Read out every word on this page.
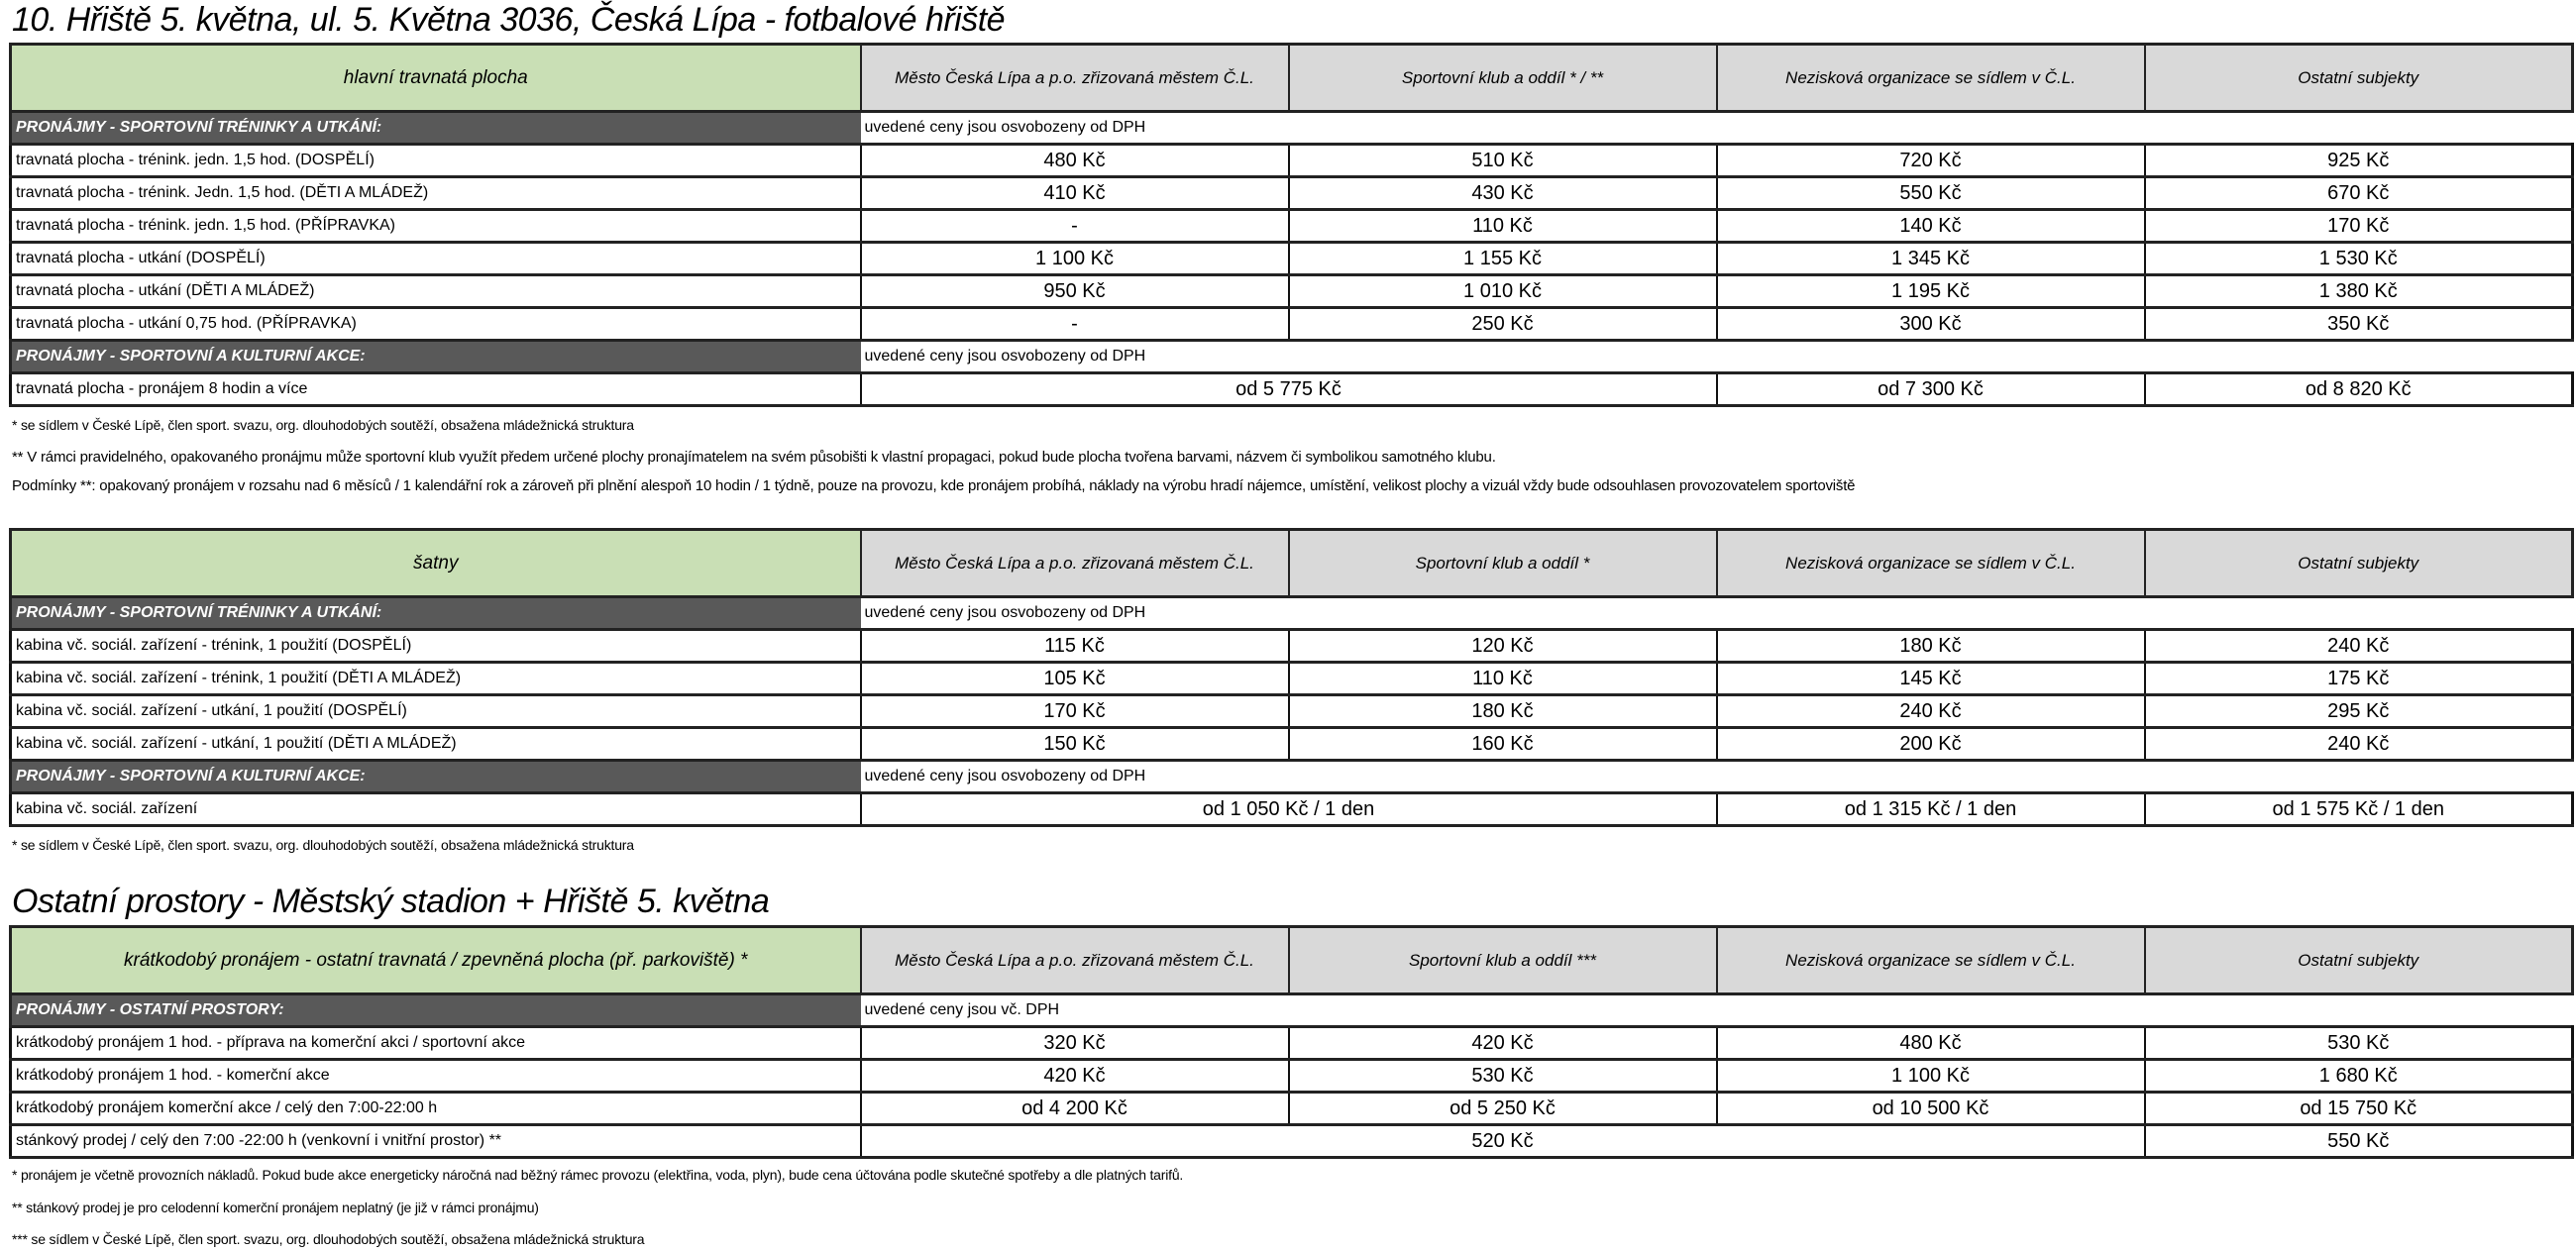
10. Hřiště 5. května, ul. 5. Května 3036, Česká Lípa - fotbalové hřiště
hlavní travnatá plocha	Město Česká Lípa a p.o. zřizovaná městem Č.L.	Sportovní klub a oddíl * / **	Nezisková organizace se sídlem v Č.L.	Ostatní subjekty
PRONÁJMY - SPORTOVNÍ TRÉNINKY A UTKÁNÍ:	uvedené ceny jsou osvobozeny od DPH			
travnatá plocha - trénink. jedn. 1,5 hod. (DOSPĚLÍ)	480 Kč	510 Kč	720 Kč	925 Kč
travnatá plocha - trénink. Jedn. 1,5 hod. (DĚTI A MLÁDEŽ)	410 Kč	430 Kč	550 Kč	670 Kč
travnatá plocha - trénink. jedn. 1,5 hod. (PŘÍPRAVKA)	-	110 Kč	140 Kč	170 Kč
travnatá plocha - utkání (DOSPĚLÍ)	1 100 Kč	1 155 Kč	1 345 Kč	1 530 Kč
travnatá plocha - utkání (DĚTI A MLÁDEŽ)	950 Kč	1 010 Kč	1 195 Kč	1 380 Kč
travnatá plocha - utkání 0,75 hod. (PŘÍPRAVKA)	-	250 Kč	300 Kč	350 Kč
PRONÁJMY - SPORTOVNÍ A KULTURNÍ AKCE:	uvedené ceny jsou osvobozeny od DPH			
travnatá plocha - pronájem 8 hodin a více	od 5 775 Kč		od 7 300 Kč	od 8 820 Kč
* se sídlem v České Lípě, člen sport. svazu, org. dlouhodobých soutěží, obsažena mládežnická struktura
** V rámci pravidelného, opakovaného pronájmu může sportovní klub využít předem určené plochy pronajímatelem na svém působišti k vlastní propagaci, pokud bude plocha tvořena barvami, názvem či symbolikou samotného klubu.
Podmínky **: opakovaný pronájem v rozsahu nad 6 měsíců / 1 kalendářní rok a zároveň při plnění alespoň 10 hodin / 1 týdně, pouze na provozu, kde pronájem probíhá, náklady na výrobu hradí nájemce, umístění, velikost plochy a vizuál vždy bude odsouhlasen provozovatelem sportoviště
šatny	Město Česká Lípa a p.o. zřizovaná městem Č.L.	Sportovní klub a oddíl *	Nezisková organizace se sídlem v Č.L.	Ostatní subjekty
PRONÁJMY - SPORTOVNÍ TRÉNINKY A UTKÁNÍ:	uvedené ceny jsou osvobozeny od DPH			
kabina vč. sociál. zařízení - trénink, 1 použití (DOSPĚLÍ)	115 Kč	120 Kč	180 Kč	240 Kč
kabina vč. sociál. zařízení - trénink, 1 použití (DĚTI A MLÁDEŽ)	105 Kč	110 Kč	145 Kč	175 Kč
kabina vč. sociál. zařízení - utkání, 1 použití (DOSPĚLÍ)	170 Kč	180 Kč	240 Kč	295 Kč
kabina vč. sociál. zařízení - utkání, 1 použití (DĚTI A MLÁDEŽ)	150 Kč	160 Kč	200 Kč	240 Kč
PRONÁJMY - SPORTOVNÍ A KULTURNÍ AKCE:	uvedené ceny jsou osvobozeny od DPH			
kabina vč. sociál. zařízení	od 1 050 Kč / 1 den		od 1 315 Kč / 1 den	od 1 575 Kč / 1 den
* se sídlem v České Lípě, člen sport. svazu, org. dlouhodobých soutěží, obsažena mládežnická struktura
Ostatní prostory - Městský stadion + Hřiště 5. května
krátkodobý pronájem - ostatní travnatá / zpevněná plocha (př. parkoviště) *	Město Česká Lípa a p.o. zřizovaná městem Č.L.	Sportovní klub a oddíl ***	Nezisková organizace se sídlem v Č.L.	Ostatní subjekty
PRONÁJMY - OSTATNÍ PROSTORY:	uvedené ceny jsou vč. DPH			
krátkodobý pronájem 1 hod. - příprava na komerční akci / sportovní akce	320 Kč	420 Kč	480 Kč	530 Kč
krátkodobý pronájem 1 hod. - komerční akce	420 Kč	530 Kč	1 100 Kč	1 680 Kč
krátkodobý pronájem komerční akce / celý den 7:00-22:00 h	od 4 200 Kč	od 5 250 Kč	od 10 500 Kč	od 15 750 Kč
stánkový prodej / celý den 7:00 -22:00 h (venkovní i vnitřní prostor) **	520 Kč			550 Kč
* pronájem je včetně provozních nákladů. Pokud bude akce energeticky náročná nad běžný rámec provozu (elektřina, voda, plyn), bude cena účtována podle skutečné spotřeby a dle platných tarifů.
** stánkový prodej je pro celodenní komerční pronájem neplatný (je již v rámci pronájmu)
*** se sídlem v České Lípě, člen sport. svazu, org. dlouhodobých soutěží, obsažena mládežnická struktura
